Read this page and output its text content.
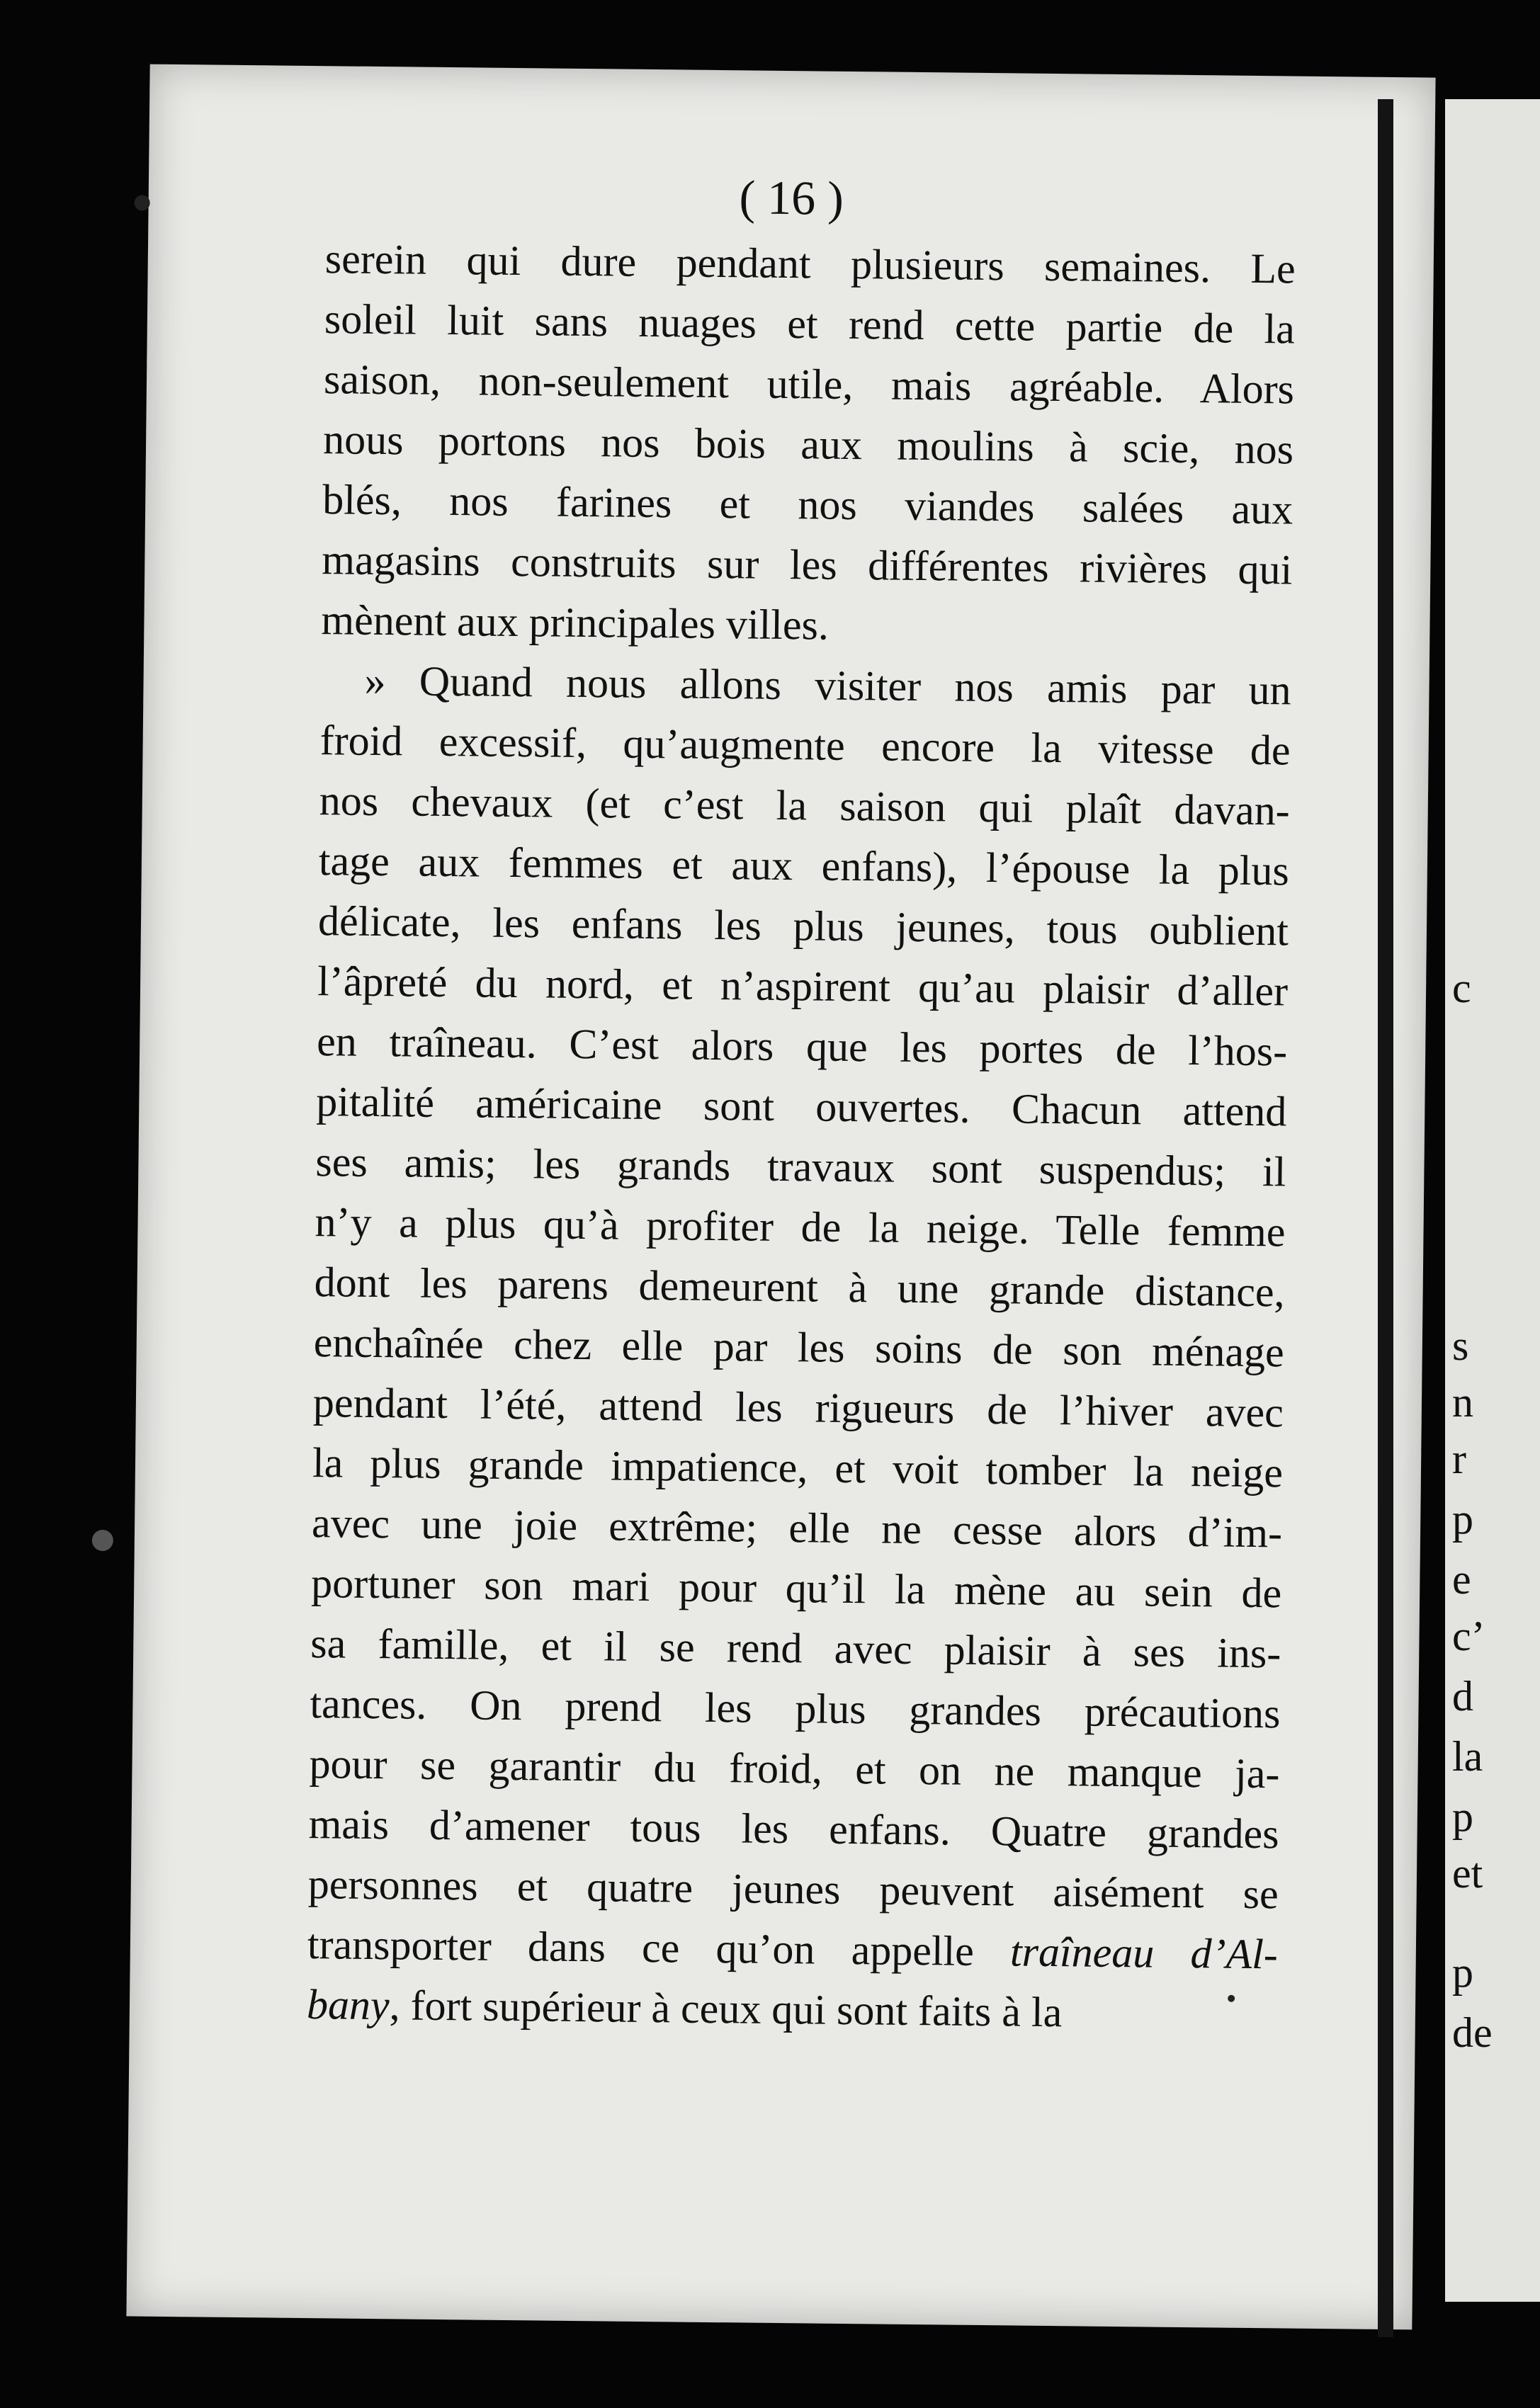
( 16 )

serein qui dure pendant plusieurs semaines. Le
soleil luit sans nuages et rend cette partie de la
saison, non-seulement utile, mais agréable. Alors
nous portons nos bois aux moulins à scie, nos
blés, nos farines et nos viandes salées aux
magasins construits sur les différentes rivières qui
mènent aux principales villes.
» Quand nous allons visiter nos amis par un
froid excessif, qu’augmente encore la vitesse de
nos chevaux (et c’est la saison qui plaît davan-
tage aux femmes et aux enfans), l’épouse la plus
délicate, les enfans les plus jeunes, tous oublient
l’âpreté du nord, et n’aspirent qu’au plaisir d’aller
en traîneau. C’est alors que les portes de l’hos-
pitalité américaine sont ouvertes. Chacun attend
ses amis; les grands travaux sont suspendus; il
n’y a plus qu’à profiter de la neige. Telle femme
dont les parens demeurent à une grande distance,
enchaînée chez elle par les soins de son ménage
pendant l’été, attend les rigueurs de l’hiver avec
la plus grande impatience, et voit tomber la neige
avec une joie extrême; elle ne cesse alors d’im-
portuner son mari pour qu’il la mène au sein de
sa famille, et il se rend avec plaisir à ses ins-
tances. On prend les plus grandes précautions
pour se garantir du froid, et on ne manque ja-
mais d’amener tous les enfans. Quatre grandes
personnes et quatre jeunes peuvent aisément se
transporter dans ce qu’on appelle traîneau d’Al-
bany, fort supérieur à ceux qui sont faits à la
c
s
n
r
p
e
c’
d
la
p
et
p
de
